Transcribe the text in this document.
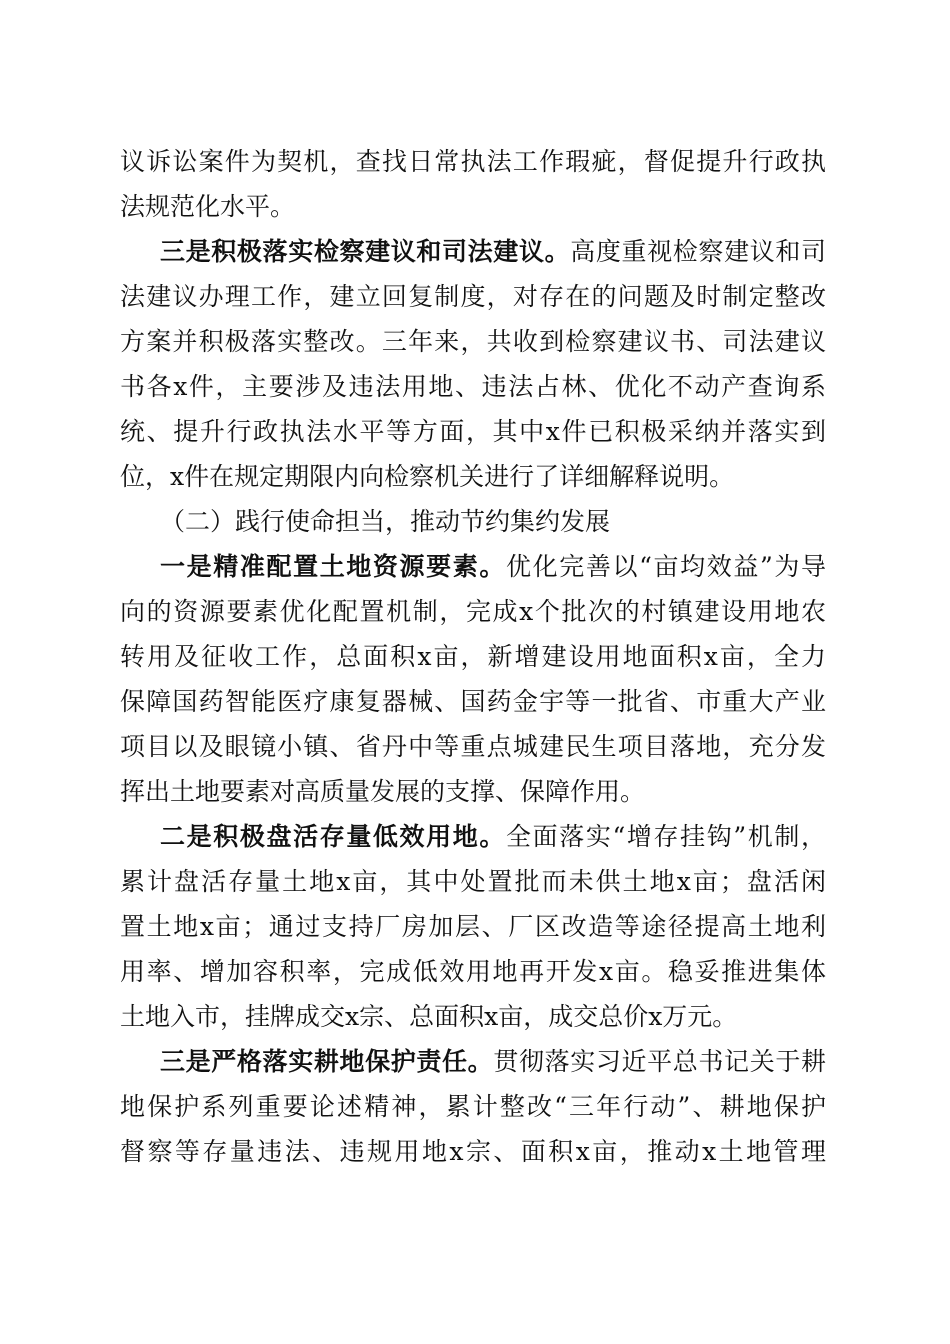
议诉讼案件为契机，查找日常执法工作瑕疵，督促提升行政执
法规范化水平。
三是积极落实检察建议和司法建议。高度重视检察建议和司
法建议办理工作，建立回复制度，对存在的问题及时制定整改
方案并积极落实整改。三年来，共收到检察建议书、司法建议
书各x件，主要涉及违法用地、违法占林、优化不动产查询系
统、提升行政执法水平等方面，其中x件已积极采纳并落实到
位，x件在规定期限内向检察机关进行了详细解释说明。
（二）践行使命担当，推动节约集约发展
一是精准配置土地资源要素。优化完善以“亩均效益”为导
向的资源要素优化配置机制，完成x个批次的村镇建设用地农
转用及征收工作，总面积x亩，新增建设用地面积x亩，全力
保障国药智能医疗康复器械、国药金宇等一批省、市重大产业
项目以及眼镜小镇、省丹中等重点城建民生项目落地，充分发
挥出土地要素对高质量发展的支撑、保障作用。
二是积极盘活存量低效用地。全面落实“增存挂钩”机制，
累计盘活存量土地x亩，其中处置批而未供土地x亩；盘活闲
置土地x亩；通过支持厂房加层、厂区改造等途径提高土地利
用率、增加容积率，完成低效用地再开发x亩。稳妥推进集体
土地入市，挂牌成交x宗、总面积x亩，成交总价x万元。
三是严格落实耕地保护责任。贯彻落实习近平总书记关于耕
地保护系列重要论述精神，累计整改“三年行动”、耕地保护
督察等存量违法、违规用地x宗、面积x亩，推动x土地管理
